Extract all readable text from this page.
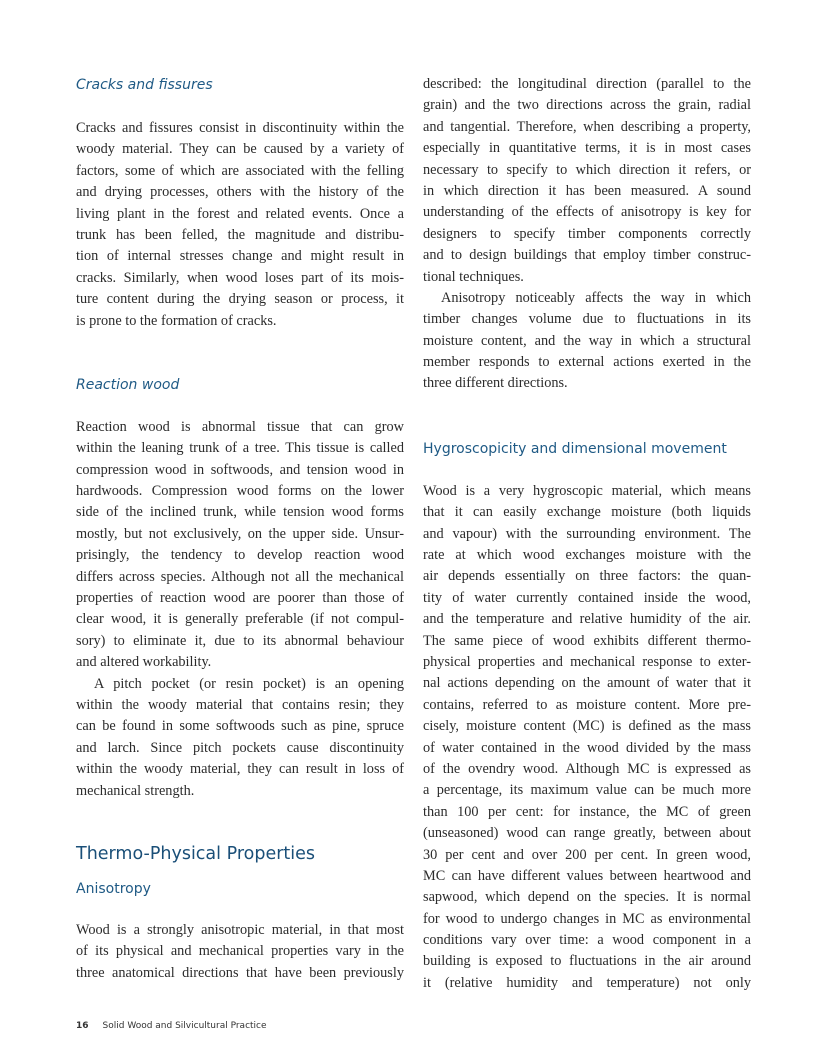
Cracks and fissures
Cracks and fissures consist in discontinuity within the
woody material. They can be caused by a variety of
factors, some of which are associated with the felling
and drying processes, others with the history of the
living plant in the forest and related events. Once a
trunk has been felled, the magnitude and distribu-
tion of internal stresses change and might result in
cracks. Similarly, when wood loses part of its mois-
ture content during the drying season or process, it
is prone to the formation of cracks.
Reaction wood
Reaction wood is abnormal tissue that can grow
within the leaning trunk of a tree. This tissue is called
compression wood in softwoods, and tension wood in
hardwoods. Compression wood forms on the lower
side of the inclined trunk, while tension wood forms
mostly, but not exclusively, on the upper side. Unsur-
prisingly, the tendency to develop reaction wood
differs across species. Although not all the mechanical
properties of reaction wood are poorer than those of
clear wood, it is generally preferable (if not compul-
sory) to eliminate it, due to its abnormal behaviour
and altered workability.
A pitch pocket (or resin pocket) is an opening
within the woody material that contains resin; they
can be found in some softwoods such as pine, spruce
and larch. Since pitch pockets cause discontinuity
within the woody material, they can result in loss of
mechanical strength.
Thermo-Physical Properties
Anisotropy
Wood is a strongly anisotropic material, in that most
of its physical and mechanical properties vary in the
three anatomical directions that have been previously
described: the longitudinal direction (parallel to the
grain) and the two directions across the grain, radial
and tangential. Therefore, when describing a property,
especially in quantitative terms, it is in most cases
necessary to specify to which direction it refers, or
in which direction it has been measured. A sound
understanding of the effects of anisotropy is key for
designers to specify timber components correctly
and to design buildings that employ timber construc-
tional techniques.
Anisotropy noticeably affects the way in which
timber changes volume due to fluctuations in its
moisture content, and the way in which a structural
member responds to external actions exerted in the
three different directions.
Hygroscopicity and dimensional movement
Wood is a very hygroscopic material, which means
that it can easily exchange moisture (both liquids
and vapour) with the surrounding environment. The
rate at which wood exchanges moisture with the
air depends essentially on three factors: the quan-
tity of water currently contained inside the wood,
and the temperature and relative humidity of the air.
The same piece of wood exhibits different thermo-
physical properties and mechanical response to exter-
nal actions depending on the amount of water that it
contains, referred to as moisture content. More pre-
cisely, moisture content (MC) is defined as the mass
of water contained in the wood divided by the mass
of the ovendry wood. Although MC is expressed as
a percentage, its maximum value can be much more
than 100 per cent: for instance, the MC of green
(unseasoned) wood can range greatly, between about
30 per cent and over 200 per cent. In green wood,
MC can have different values between heartwood and
sapwood, which depend on the species. It is normal
for wood to undergo changes in MC as environmental
conditions vary over time: a wood component in a
building is exposed to fluctuations in the air around
it (relative humidity and temperature) not only
16 Solid Wood and Silvicultural Practice
